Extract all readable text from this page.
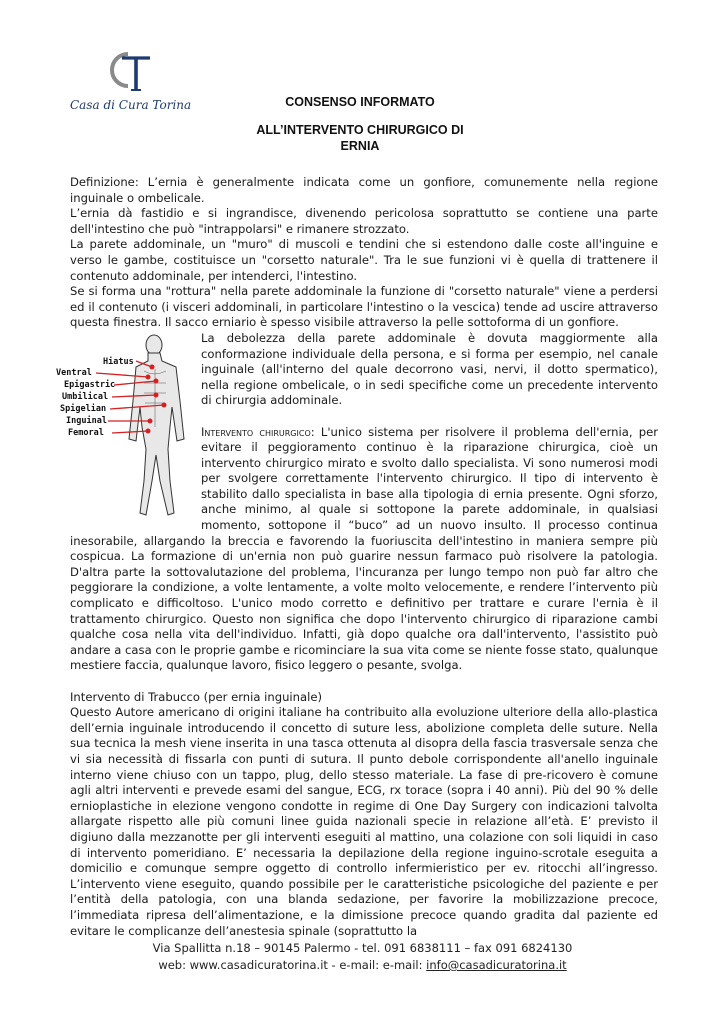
Casa di Cura Torina	CONSENSO INFORMATO
ALL’INTERVENTO CHIRURGICO DI
ERNIA

Definizione: L’ernia è generalmente indicata come un gonfiore, comunemente nella regione inguinale o ombelicale.

L’ernia dà fastidio e si ingrandisce, divenendo pericolosa soprattutto se contiene una parte dell'intestino che può "intrappolarsi" e rimanere strozzato.

La parete addominale, un "muro" di muscoli e tendini che si estendono dalle coste all'inguine e verso le gambe, costituisce un "corsetto naturale". Tra le sue funzioni vi è quella di trattenere il contenuto addominale, per intenderci, l'intestino.

Se si forma una "rottura" nella parete addominale la funzione di "corsetto naturale" viene a perdersi ed il contenuto (i visceri addominali, in particolare l'intestino o la vescica) tende ad uscire attraverso questa finestra. Il sacco erniario è spesso visibile attraverso la pelle sottoforma di un gonfiore.

Hiatus
Ventral
Epigastric
Umbilical
Spigelian
Inguinal
Femoral

La debolezza della parete addominale è dovuta maggiormente alla conformazione individuale della persona, e si forma per esempio, nel canale inguinale (all'interno del quale decorrono vasi, nervi, il dotto spermatico), nella regione ombelicale, o in sedi specifiche come un precedente intervento di chirurgia addominale.

Intervento chirurgico: L'unico sistema per risolvere il problema dell'ernia, per evitare il peggioramento continuo è la riparazione chirurgica, cioè un intervento chirurgico mirato e svolto dallo specialista. Vi sono numerosi modi per svolgere correttamente l'intervento chirurgico. Il tipo di intervento è stabilito dallo specialista in base alla tipologia di ernia presente. Ogni sforzo, anche minimo, al quale si sottopone la parete addominale, in qualsiasi momento, sottopone il “buco” ad un nuovo insulto. Il processo continua inesorabile, allargando la breccia e favorendo la fuoriuscita dell'intestino in maniera sempre più cospicua. La formazione di un'ernia non può guarire nessun farmaco può risolvere la patologia. D'altra parte la sottovalutazione del problema, l'incuranza per lungo tempo non può far altro che peggiorare la condizione, a volte lentamente, a volte molto velocemente, e rendere l’intervento più complicato e difficoltoso. L'unico modo corretto e definitivo per trattare e curare l'ernia è il trattamento chirurgico. Questo non significa che dopo l'intervento chirurgico di riparazione cambi qualche cosa nella vita dell'individuo. Infatti, già dopo qualche ora dall'intervento, l'assistito può andare a casa con le proprie gambe e ricominciare la sua vita come se niente fosse stato, qualunque mestiere faccia, qualunque lavoro, fisico leggero o pesante, svolga.

Intervento di Trabucco (per ernia inguinale)

Questo Autore americano di origini italiane ha contribuito alla evoluzione ulteriore della allo-plastica dell’ernia inguinale introducendo il concetto di suture less, abolizione completa delle suture. Nella sua tecnica la mesh viene inserita in una tasca ottenuta al disopra della fascia trasversale senza che vi sia necessità di fissarla con punti di sutura. Il punto debole corrispondente all'anello inguinale interno viene chiuso con un tappo, plug, dello stesso materiale. La fase di pre-ricovero è comune agli altri interventi e prevede esami del sangue, ECG, rx torace (sopra i 40 anni). Più del 90 % delle ernioplastiche in elezione vengono condotte in regime di One Day Surgery con indicazioni talvolta allargate rispetto alle più comuni linee guida nazionali specie in relazione all’età. E’ previsto il digiuno dalla mezzanotte per gli interventi eseguiti al mattino, una colazione con soli liquidi in caso di intervento pomeridiano. E’ necessaria la depilazione della regione inguino-scrotale eseguita a domicilio e comunque sempre oggetto di controllo infermieristico per ev. ritocchi all’ingresso. L’intervento viene eseguito, quando possibile per le caratteristiche psicologiche del paziente e per l’entità della patologia, con una blanda sedazione, per favorire la mobilizzazione precoce, l’immediata ripresa dell’alimentazione, e la dimissione precoce quando gradita dal paziente ed evitare le complicanze dell’anestesia spinale (soprattutto la

Via Spallitta n.18 – 90145 Palermo - tel. 091 6838111 – fax 091 6824130
web: www.casadicuratorina.it - e-mail: e-mail: info@casadicuratorina.it
